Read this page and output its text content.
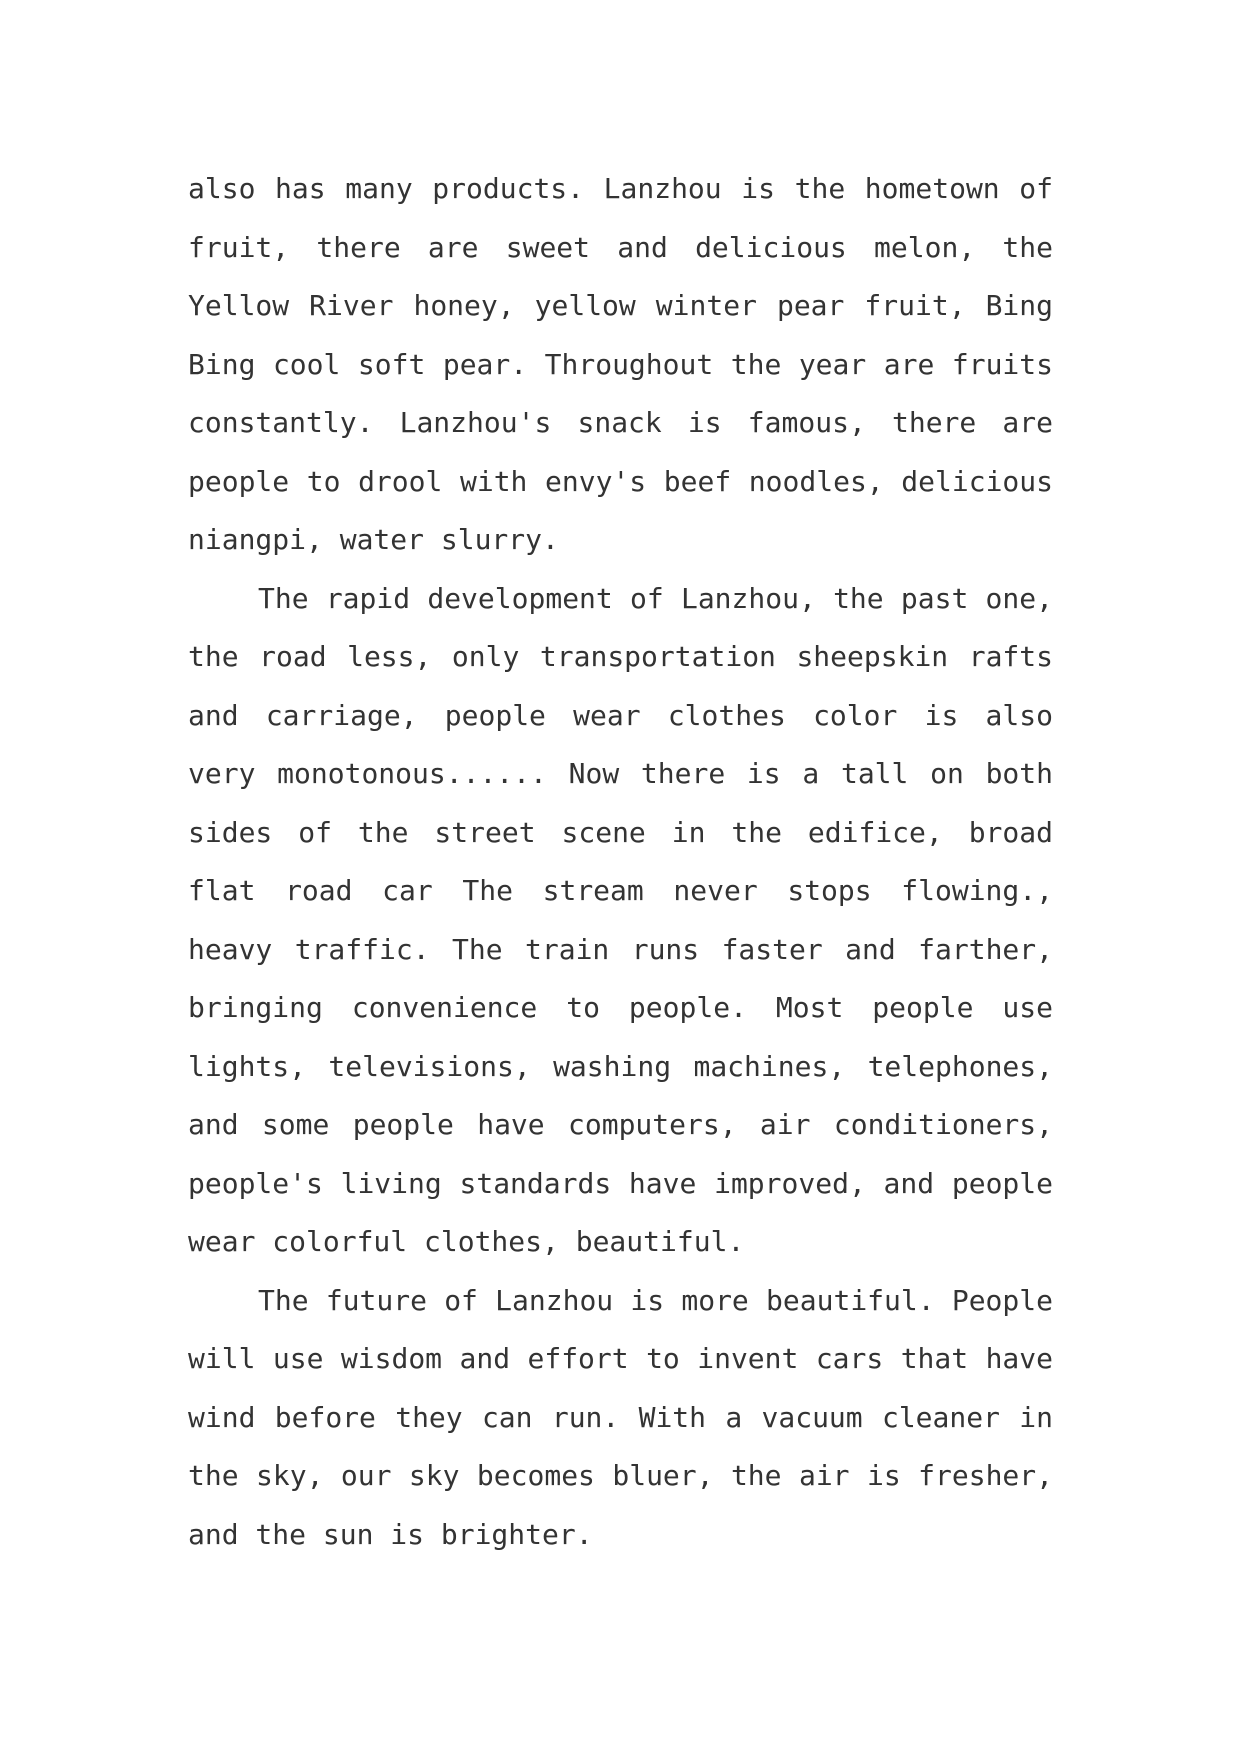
also has many products. Lanzhou is the hometown of fruit, there are sweet and delicious melon, the Yellow River honey, yellow winter pear fruit, Bing Bing cool soft pear. Throughout the year are fruits constantly. Lanzhou's snack is famous, there are people to drool with envy's beef noodles, delicious niangpi, water slurry.

The rapid development of Lanzhou, the past one, the road less, only transportation sheepskin rafts and carriage, people wear clothes color is also very monotonous...... Now there is a tall on both sides of the street scene in the edifice, broad flat road car The stream never stops flowing., heavy traffic. The train runs faster and farther, bringing convenience to people. Most people use lights, televisions, washing machines, telephones, and some people have computers, air conditioners, people's living standards have improved, and people wear colorful clothes, beautiful.

The future of Lanzhou is more beautiful. People will use wisdom and effort to invent cars that have wind before they can run. With a vacuum cleaner in the sky, our sky becomes bluer, the air is fresher, and the sun is brighter.
